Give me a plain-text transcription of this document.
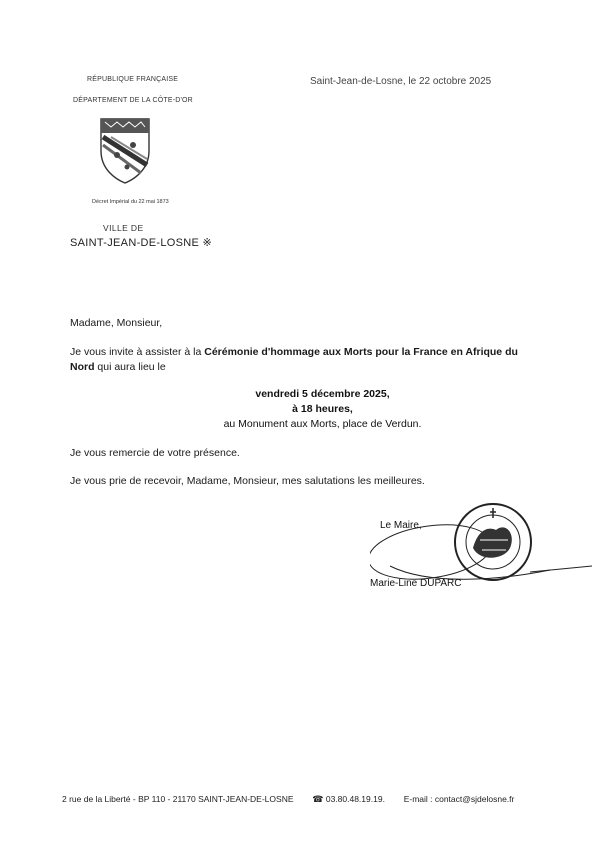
RÉPUBLIQUE FRANÇAISE
DÉPARTEMENT DE LA CÔTE-D'OR
Saint-Jean-de-Losne, le 22 octobre 2025
Décret Impérial du 22 mai 1873
VILLE DE
SAINT-JEAN-DE-LOSNE ※
Madame, Monsieur,
Je vous invite à assister à la Cérémonie d'hommage aux Morts pour la France en Afrique du Nord qui aura lieu le
vendredi 5 décembre 2025,
à 18 heures,
au Monument aux Morts, place de Verdun.
Je vous remercie de votre présence.
Je vous prie de recevoir, Madame, Monsieur, mes salutations les meilleures.
Le Maire,
Marie-Line DUPARC
2 rue de la Liberté - BP 110 - 21170 SAINT-JEAN-DE-LOSNE ☎ 03.80.48.19.19. E-mail : contact@sjdelosne.fr
